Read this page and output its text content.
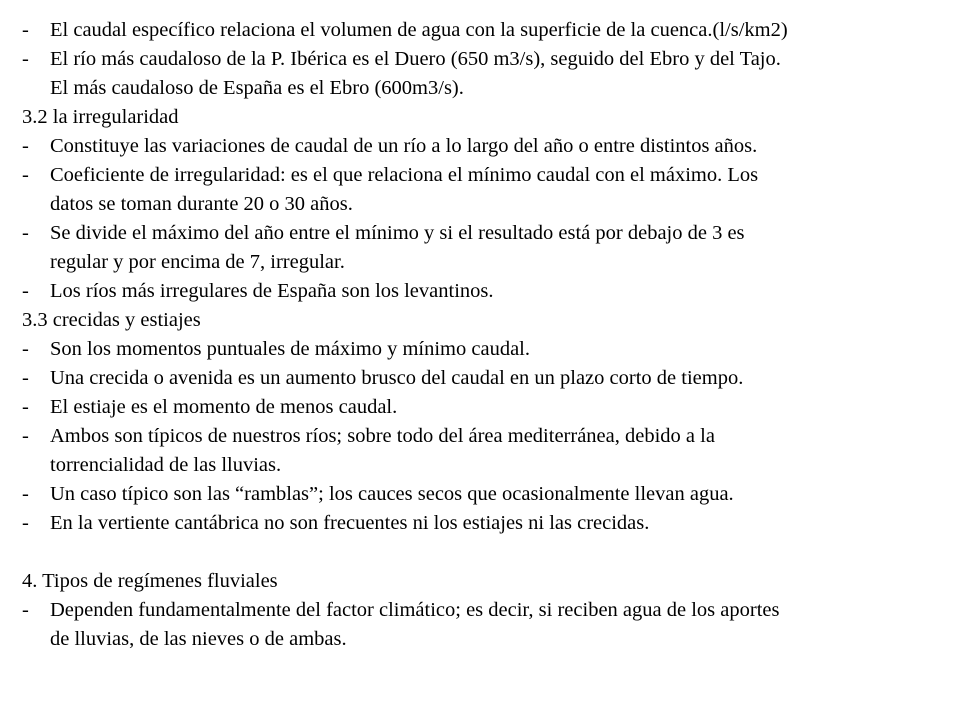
- El caudal específico relaciona el volumen de agua con la superficie de la cuenca.(l/s/km2)
- El río más caudaloso de la P. Ibérica es el Duero (650 m3/s), seguido del Ebro y del Tajo.
El más caudaloso de España es el Ebro (600m3/s).
3.2 la irregularidad
- Constituye las variaciones de caudal de un río a lo largo del año o entre distintos años.
- Coeficiente de irregularidad: es el que relaciona el mínimo caudal con el máximo. Los
datos se toman durante 20 o 30 años.
- Se divide el máximo del año entre el mínimo y si el resultado está por debajo de 3 es
regular y por encima de 7, irregular.
- Los ríos más irregulares de España son los levantinos.
3.3 crecidas y estiajes
- Son los momentos puntuales de máximo y mínimo caudal.
- Una crecida o avenida es un aumento brusco del caudal en un plazo corto de tiempo.
- El estiaje es el momento de menos caudal.
- Ambos son típicos de nuestros ríos; sobre todo del área mediterránea, debido a la
torrencialidad de las lluvias.
- Un caso típico son las “ramblas”; los cauces secos que ocasionalmente llevan agua.
- En la vertiente cantábrica no son frecuentes ni los estiajes ni las crecidas.
4. Tipos de regímenes fluviales
- Dependen fundamentalmente del factor climático; es decir, si reciben agua de los aportes
de lluvias, de las nieves o de ambas.
